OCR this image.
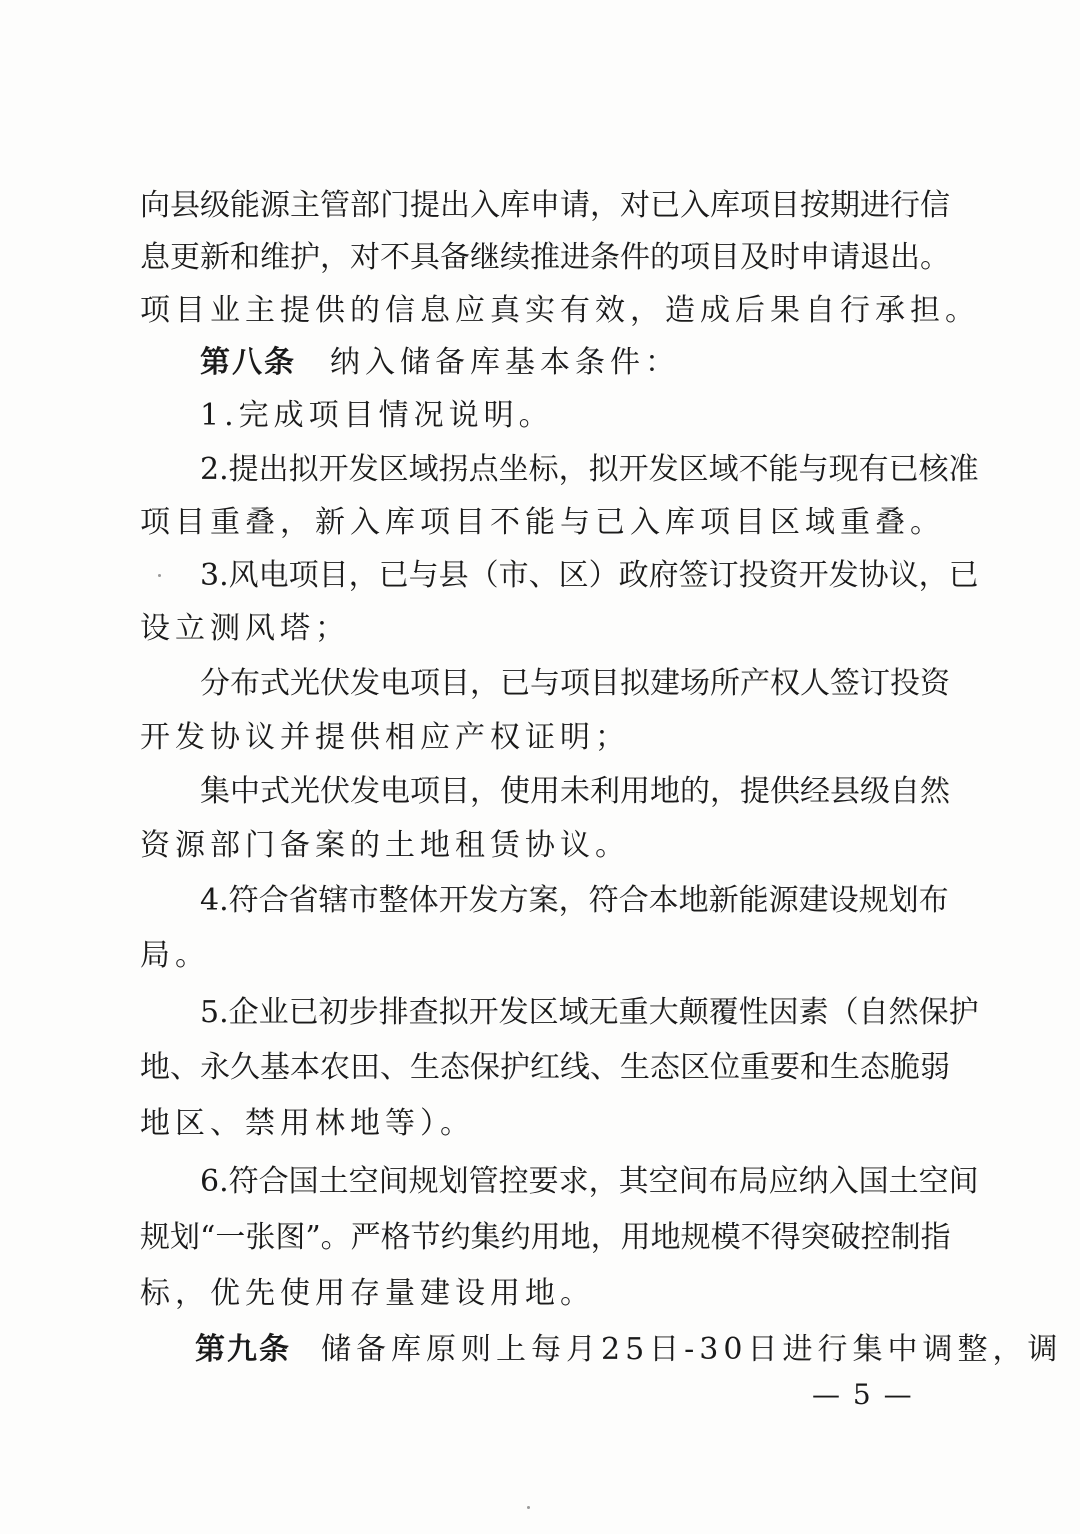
向县级能源主管部门提出入库申请，对已入库项目按期进行信
息更新和维护，对不具备继续推进条件的项目及时申请退出。
项目业主提供的信息应真实有效，造成后果自行承担。
第八条 纳入储备库基本条件：
1.完成项目情况说明。
2.提出拟开发区域拐点坐标，拟开发区域不能与现有已核准
项目重叠，新入库项目不能与已入库项目区域重叠。
3.风电项目，已与县（市、区）政府签订投资开发协议，已
设立测风塔；
分布式光伏发电项目，已与项目拟建场所产权人签订投资
开发协议并提供相应产权证明；
集中式光伏发电项目，使用未利用地的，提供经县级自然
资源部门备案的土地租赁协议。
4.符合省辖市整体开发方案，符合本地新能源建设规划布
局。
5.企业已初步排查拟开发区域无重大颠覆性因素（自然保护
地、永久基本农田、生态保护红线、生态区位重要和生态脆弱
地区、禁用林地等）。
6.符合国土空间规划管控要求，其空间布局应纳入国土空间
规划“一张图”。严格节约集约用地，用地规模不得突破控制指
标，优先使用存量建设用地。
第九条 储备库原则上每月25日-30日进行集中调整，调
— 5 —
